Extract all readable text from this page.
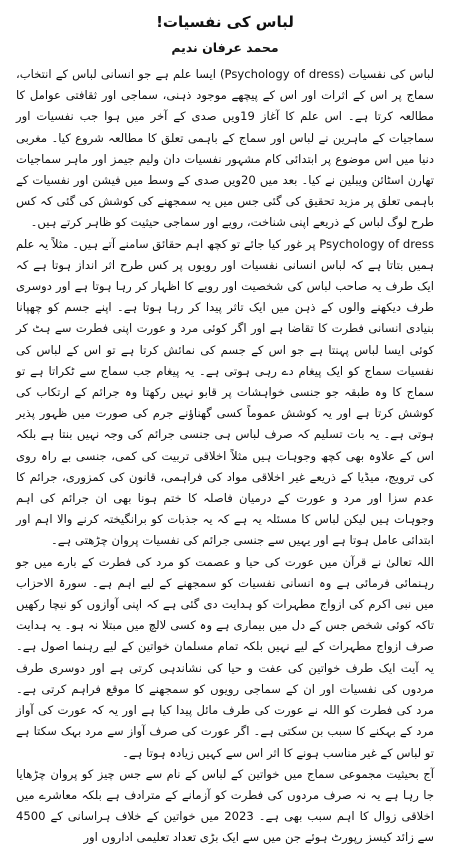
لباس کی نفسیات!
محمد عرفان ندیم

لباس کی نفسیات (Psychology of dress) ایسا علم ہے جو انسانی لباس کے انتخاب، سماج پر اس کے اثرات اور اس کے پیچھے موجود ذہنی، سماجی اور ثقافتی عوامل کا مطالعہ کرتا ہے۔ اس علم کا آغاز 19ویں صدی کے آخر میں ہوا جب نفسیات اور سماجیات کے ماہرین نے لباس اور سماج کے باہمی تعلق کا مطالعہ شروع کیا۔ مغربی دنیا میں اس موضوع پر ابتدائی کام مشہور نفسیات دان ولیم جیمز اور ماہر سماجیات تھارن اسٹائن ویبلین نے کیا۔ بعد میں 20ویں صدی کے وسط میں فیشن اور نفسیات کے باہمی تعلق پر مزید تحقیق کی گئی جس میں یہ سمجھنے کی کوشش کی گئی کہ کس طرح لوگ لباس کے ذریعے اپنی شناخت، رویے اور سماجی حیثیت کو ظاہر کرتے ہیں۔

Psychology of dress پر غور کیا جائے تو کچھ اہم حقائق سامنے آتے ہیں۔ مثلاً یہ علم ہمیں بتاتا ہے کہ لباس انسانی نفسیات اور رویوں پر کس طرح اثر انداز ہوتا ہے کہ ایک طرف یہ صاحب لباس کی شخصیت اور رویے کا اظہار کر رہا ہوتا ہے اور دوسری طرف دیکھنے والوں کے ذہن میں ایک تاثر پیدا کر رہا ہوتا ہے۔ اپنے جسم کو چھپانا بنیادی انسانی فطرت کا تقاضا ہے اور اگر کوئی مرد و عورت اپنی فطرت سے ہٹ کر کوئی ایسا لباس پہنتا ہے جو اس کے جسم کی نمائش کرتا ہے تو اس کے لباس کی نفسیات سماج کو ایک پیغام دے رہی ہوتی ہے۔ یہ پیغام جب سماج سے ٹکراتا ہے تو سماج کا وہ طبقہ جو جنسی خواہشات پر قابو نہیں رکھتا وہ جرائم کے ارتکاب کی کوشش کرتا ہے اور یہ کوشش عموماً کسی گھناؤنے جرم کی صورت میں ظہور پذیر ہوتی ہے۔ یہ بات تسلیم کہ صرف لباس ہی جنسی جرائم کی وجہ نہیں بنتا ہے بلکہ اس کے علاوہ بھی کچھ وجوہات ہیں مثلاً اخلاقی تربیت کی کمی، جنسی بے راہ روی کی ترویج، میڈیا کے ذریعے غیر اخلاقی مواد کی فراہمی، قانون کی کمزوری، جرائم کا عدم سزا اور مرد و عورت کے درمیان فاصلہ کا ختم ہونا بھی ان جرائم کی اہم وجوہات ہیں لیکن لباس کا مسئلہ یہ ہے کہ یہ جذبات کو برانگیختہ کرنے والا اہم اور ابتدائی عامل ہوتا ہے اور یہیں سے جنسی جرائم کی نفسیات پروان چڑھتی ہے۔

اللہ تعالیٰ نے قرآن میں عورت کی حیا و عصمت کو مرد کی فطرت کے بارے میں جو رہنمائی فرمائی ہے وہ انسانی نفسیات کو سمجھنے کے لیے اہم ہے۔ سورۃ الاحزاب میں نبی اکرم کی ازواج مطہرات کو ہدایت دی گئی ہے کہ اپنی آوازوں کو نیچا رکھیں تاکہ کوئی شخص جس کے دل میں بیماری ہے وہ کسی لالچ میں مبتلا نہ ہو۔ یہ ہدایت صرف ازواج مطہرات کے لیے نہیں بلکہ تمام مسلمان خواتین کے لیے رہنما اصول ہے۔ یہ آیت ایک طرف خواتین کی عفت و حیا کی نشاندہی کرتی ہے اور دوسری طرف مردوں کی نفسیات اور ان کے سماجی رویوں کو سمجھنے کا موقع فراہم کرتی ہے۔ مرد کی فطرت کو اللہ نے عورت کی طرف مائل پیدا کیا ہے اور یہ کہ عورت کی آواز مرد کے بہکنے کا سبب بن سکتی ہے۔ اگر عورت کی صرف آواز سے مرد بہک سکتا ہے تو لباس کے غیر مناسب ہونے کا اثر اس سے کہیں زیادہ ہوتا ہے۔

آج بحیثیت مجموعی سماج میں خواتین کے لباس کے نام سے جس چیز کو پروان چڑھایا جا رہا ہے یہ نہ صرف مردوں کی فطرت کو آزمانے کے مترادف ہے بلکہ معاشرے میں اخلاقی زوال کا اہم سبب بھی ہے۔ 2023 میں خواتین کے خلاف ہراسانی کے 4500 سے زائد کیسز رپورٹ ہوئے جن میں سے ایک بڑی تعداد تعلیمی اداروں اور
